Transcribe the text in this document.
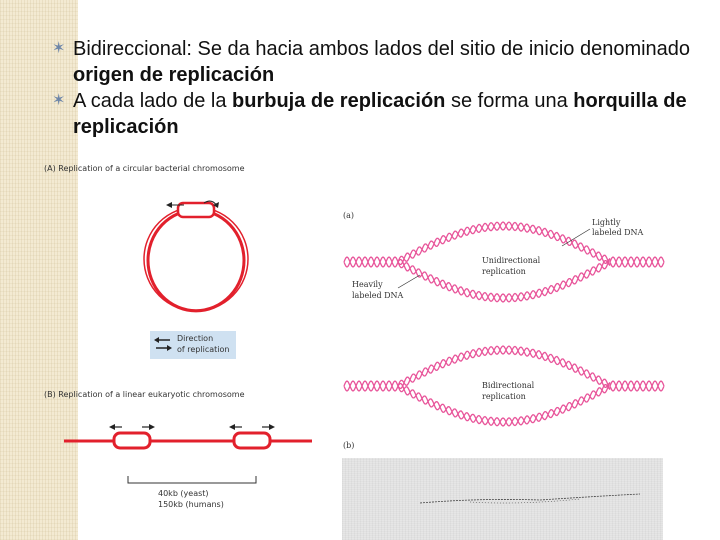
✶ Bidireccional: Se da hacia ambos lados del sitio de inicio denominado origen de replicación
✶ A cada lado de la burbuja de replicación se forma una horquilla de replicación
(A) Replication of a circular bacterial chromosome
(B) Replication of a linear eukaryotic chromosome
Direction
of replication
40kb (yeast)
150kb (humans)
(a)
(b)
Lightly
labeled DNA
Heavily
labeled DNA
Unidirectional
replication
Bidirectional
replication
